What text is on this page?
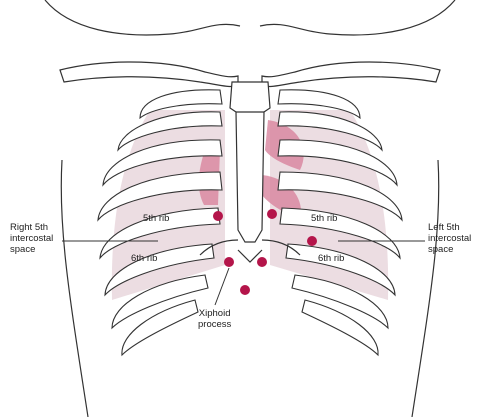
Right 5th
intercostal
space
Left 5th
intercostal
space
Xiphoid
process
5th rib	5th rib
6th rib	6th rib
